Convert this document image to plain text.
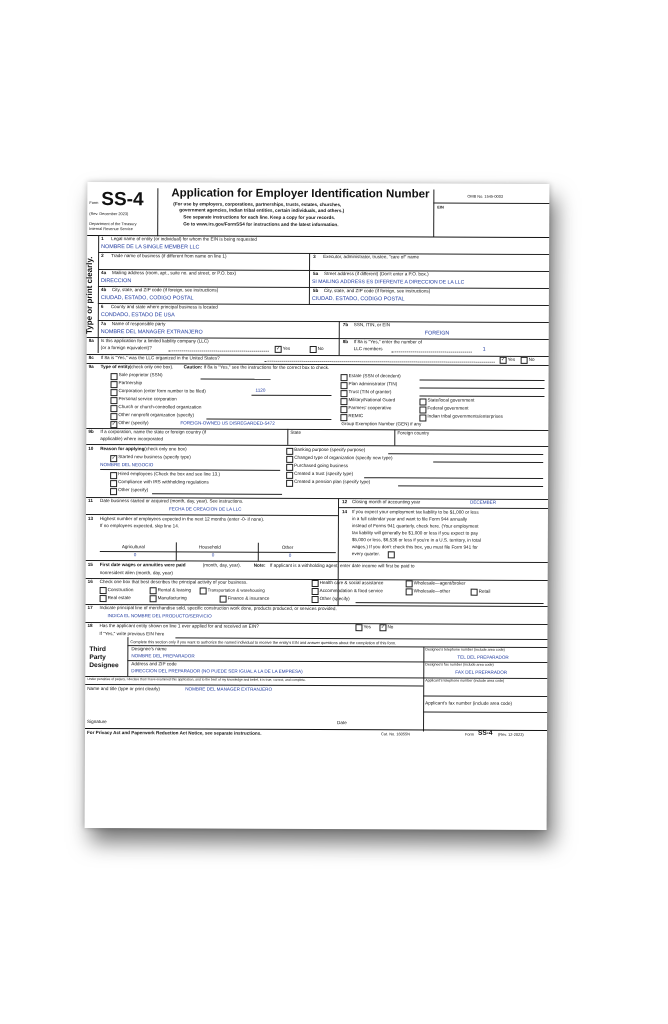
Form SS-4
(Rev. December 2023)
Department of the Treasury
Internal Revenue Service
Application for Employer Identification Number
(For use by employers, corporations, partnerships, trusts, estates, churches,
government agencies, Indian tribal entities, certain individuals, and others.)
See separate instructions for each line. Keep a copy for your records.
Go to www.irs.gov/FormSS4 for instructions and the latest information.
OMB No. 1545-0003
EIN
Type or print clearly.
1 Legal name of entity (or individual) for whom the EIN is being requested
NOMBRE DE LA SINGLE MEMBER LLC
2 Trade name of business (if different from name on line 1)	3 Executor, administrator, trustee, "care of" name
4a Mailing address (room, apt., suite no. and street, or P.O. box)
DIRECCION
5a Street address (if different) (Don't enter a P.O. box.)
SI MAILING ADDRESS ES DIFERENTE A DIRECCION DE LA LLC
4b City, state, and ZIP code (if foreign, see instructions)
CIUDAD, ESTADO, CODIGO POSTAL
5b City, state, and ZIP code (if foreign, see instructions)
CIUDAD. ESTADO, CODIGO POSTAL
6 County and state where principal business is located
CONDADO, ESTADO DE USA
7a Name of responsible party
NOMBRE DEL MANAGER EXTRANJERO
7b SSN, ITIN, or EIN
FOREIGN
8a Is this application for a limited liability company (LLC)
(or a foreign equivalent)?	✓ Yes	No
8b If 8a is "Yes," enter the number of
LLC members	1
8c If 8a is "Yes," was the LLC organized in the United States?	✓ Yes	No
9a Type of entity (check only one box). Caution: If 8a is "Yes," see the instructions for the correct box to check.
Sole proprietor (SSN)
Partnership
Corporation (enter form number to be filed)	1120
Personal service corporation
Church or church-controlled organization
Other nonprofit organization (specify)
✓ Other (specify)	FOREIGN-OWNED US DISREGARDED-5472
Estate (SSN of decedent)
Plan administrator (TIN)
Trust (TIN of grantor)
Military/National Guard
Farmers' cooperative
REMIC
State/local government
Federal government
Indian tribal governments/enterprises
Group Exemption Number (GEN) if any
9b If a corporation, name the state or foreign country (if
applicable) where incorporated
State	Foreign country
10 Reason for applying (check only one box)
✓ Started new business (specify type)
NOMBRE DEL NEGOCIO
Hired employees (Check the box and see line 13.)
Compliance with IRS withholding regulations
Other (specify)
Banking purpose (specify purpose)
Changed type of organization (specify new type)
Purchased going business
Created a trust (specify type)
Created a pension plan (specify type)
11 Date business started or acquired (month, day, year). See instructions.
FECHA DE CREACION DE LA LLC
12 Closing month of accounting year	DECEMBER
13 Highest number of employees expected in the next 12 months (enter -0- if none).
If no employees expected, skip line 14.
Agricultural	Household	Other
0	0	0
14 If you expect your employment tax liability to be $1,000 or less
in a full calendar year and want to file Form 944 annually
instead of Forms 941 quarterly, check here. (Your employment
tax liability will generally be $1,000 or less if you expect to pay
$5,000 or less, $6,536 or less if you're in a U.S. territory, in total
wages.) If you don't check this box, you must file Form 941 for
every quarter.
15 First date wages or annuities were paid	(month, day, year).	Note: If applicant is a withholding agent, enter date income will first be paid to
nonresident alien (month, day, year)
16 Check one box that best describes the principal activity of your business.	Health care & social assistance	Wholesale—agent/broker
Construction	Rental & leasing	Transportation & warehousing	Accommodation & food service	Wholesale—other	Retail
Real estate	Manufacturing	Finance & insurance	Other (specify)
17 Indicate principal line of merchandise sold, specific construction work done, products produced, or services provided.
INDICA EL NOMBRE DEL PRODUCTO/SERVICIO
18 Has the applicant entity shown on line 1 ever applied for and received an EIN?	Yes ✓ No
If "Yes," write previous EIN here
Third
Party
Designee
Complete this section only if you want to authorize the named individual to receive the entity's EIN and answer questions about the completion of this form.
Designee's name
NOMBRE DEL PREPARADOR
Designee's telephone number (include area code)
TEL DEL PREPARADOR
Address and ZIP code
DIRECCION DEL PREPARADOR (NO PUEDE SER IGUAL A LA DE LA EMPRESA)
Designee's fax number (include area code)
FAX DEL PREPARADOR
Under penalties of perjury, I declare that I have examined this application, and to the best of my knowledge and belief, it is true, correct, and complete.	Applicant's telephone number (include area code)
Name and title (type or print clearly)	NOMBRE DEL MANAGER EXTRANJERO
Applicant's fax number (include area code)
Signature	Date
For Privacy Act and Paperwork Reduction Act Notice, see separate instructions.	Cat. No. 16055N	Form SS-4 (Rev. 12-2023)
